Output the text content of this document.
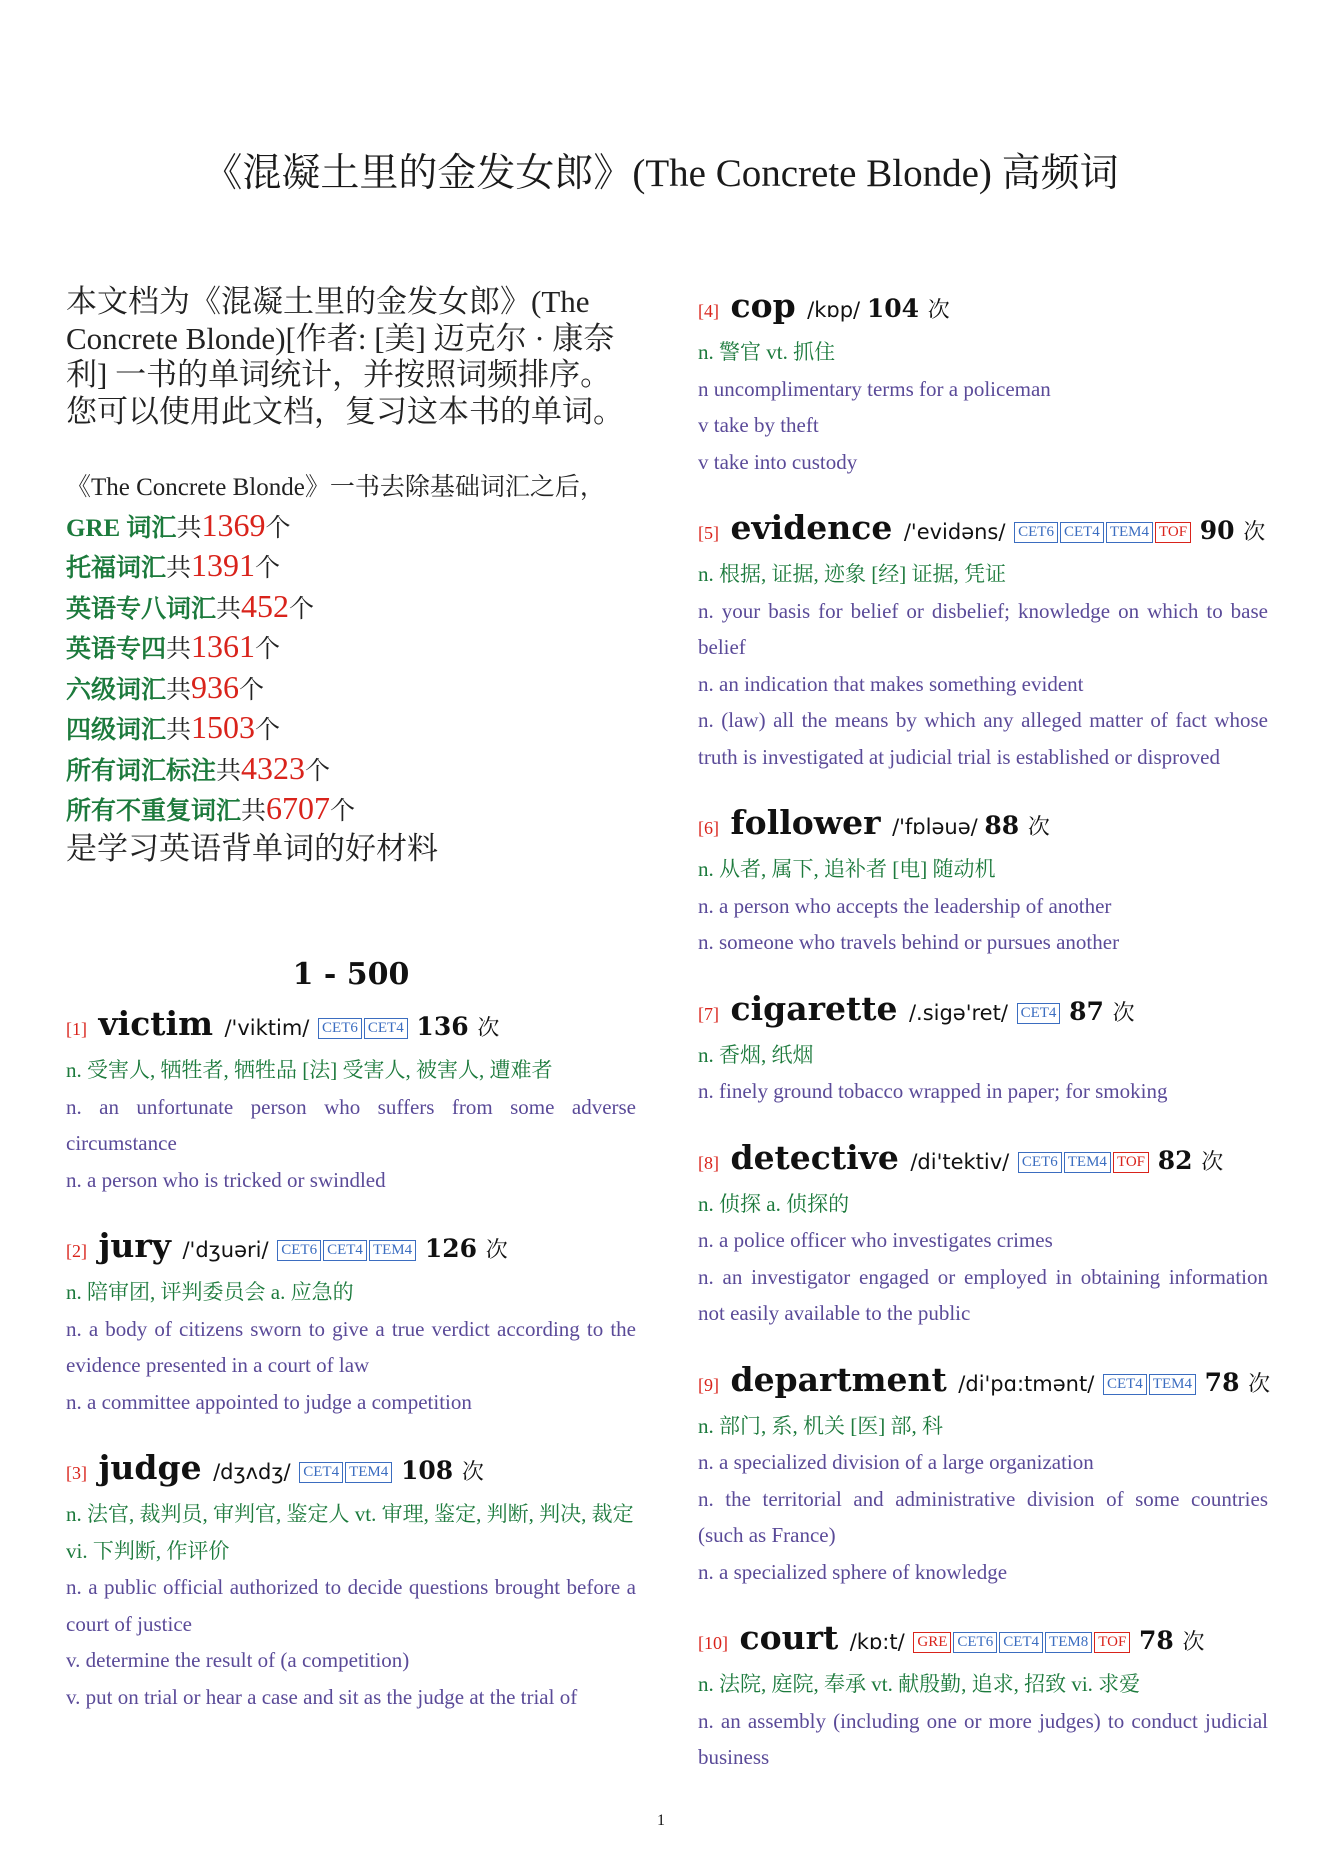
《混凝土里的金发女郎》(The Concrete Blonde) 高频词

本文档为《混凝土里的金发女郎》(The Concrete Blonde)[作者: [美] 迈克尔 · 康奈利] 一书的单词统计，并按照词频排序。

您可以使用此文档，复习这本书的单词。

《The Concrete Blonde》一书去除基础词汇之后，
GRE 词汇共1369个
托福词汇共1391个
英语专八词汇共452个
英语专四共1361个
六级词汇共936个
四级词汇共1503个
所有词汇标注共4323个
所有不重复词汇共6707个
是学习英语背单词的好材料
1 - 500
[1] victim /'viktim/ CET6 CET4 136 次
n. 受害人, 牺牲者, 牺牲品 [法] 受害人, 被害人, 遭难者
n. an unfortunate person who suffers from some adverse circumstance
n. a person who is tricked or swindled
[2] jury /'dʒuəri/ CET6 CET4 TEM4 126 次
n. 陪审团, 评判委员会 a. 应急的
n. a body of citizens sworn to give a true verdict according to the evidence presented in a court of law
n. a committee appointed to judge a competition
[3] judge /dʒʌdʒ/ CET4 TEM4 108 次
n. 法官, 裁判员, 审判官, 鉴定人 vt. 审理, 鉴定, 判断, 判决, 裁定 vi. 下判断, 作评价
n. a public official authorized to decide questions brought before a court of justice
v. determine the result of (a competition)
v. put on trial or hear a case and sit as the judge at the trial of
[4] cop /kɒp/ 104 次
n. 警官 vt. 抓住
n uncomplimentary terms for a policeman
v take by theft
v take into custody
[5] evidence /'evidəns/ CET6 CET4 TEM4 TOF 90 次
n. 根据, 证据, 迹象 [经] 证据, 凭证
n. your basis for belief or disbelief; knowledge on which to base belief
n. an indication that makes something evident
n. (law) all the means by which any alleged matter of fact whose truth is investigated at judicial trial is established or disproved
[6] follower /'fɒləuə/ 88 次
n. 从者, 属下, 追补者 [电] 随动机
n. a person who accepts the leadership of another
n. someone who travels behind or pursues another
[7] cigarette /.sigə'ret/ CET4 87 次
n. 香烟, 纸烟
n. finely ground tobacco wrapped in paper; for smoking
[8] detective /di'tektiv/ CET6 TEM4 TOF 82 次
n. 侦探 a. 侦探的
n. a police officer who investigates crimes
n. an investigator engaged or employed in obtaining information not easily available to the public
[9] department /di'pɑ:tmənt/ CET4 TEM4 78 次
n. 部门, 系, 机关 [医] 部, 科
n. a specialized division of a large organization
n. the territorial and administrative division of some countries (such as France)
n. a specialized sphere of knowledge
[10] court /kɒ:t/ GRE CET6 CET4 TEM8 TOF 78 次
n. 法院, 庭院, 奉承 vt. 献殷勤, 追求, 招致 vi. 求爱
n. an assembly (including one or more judges) to conduct judicial business
1
